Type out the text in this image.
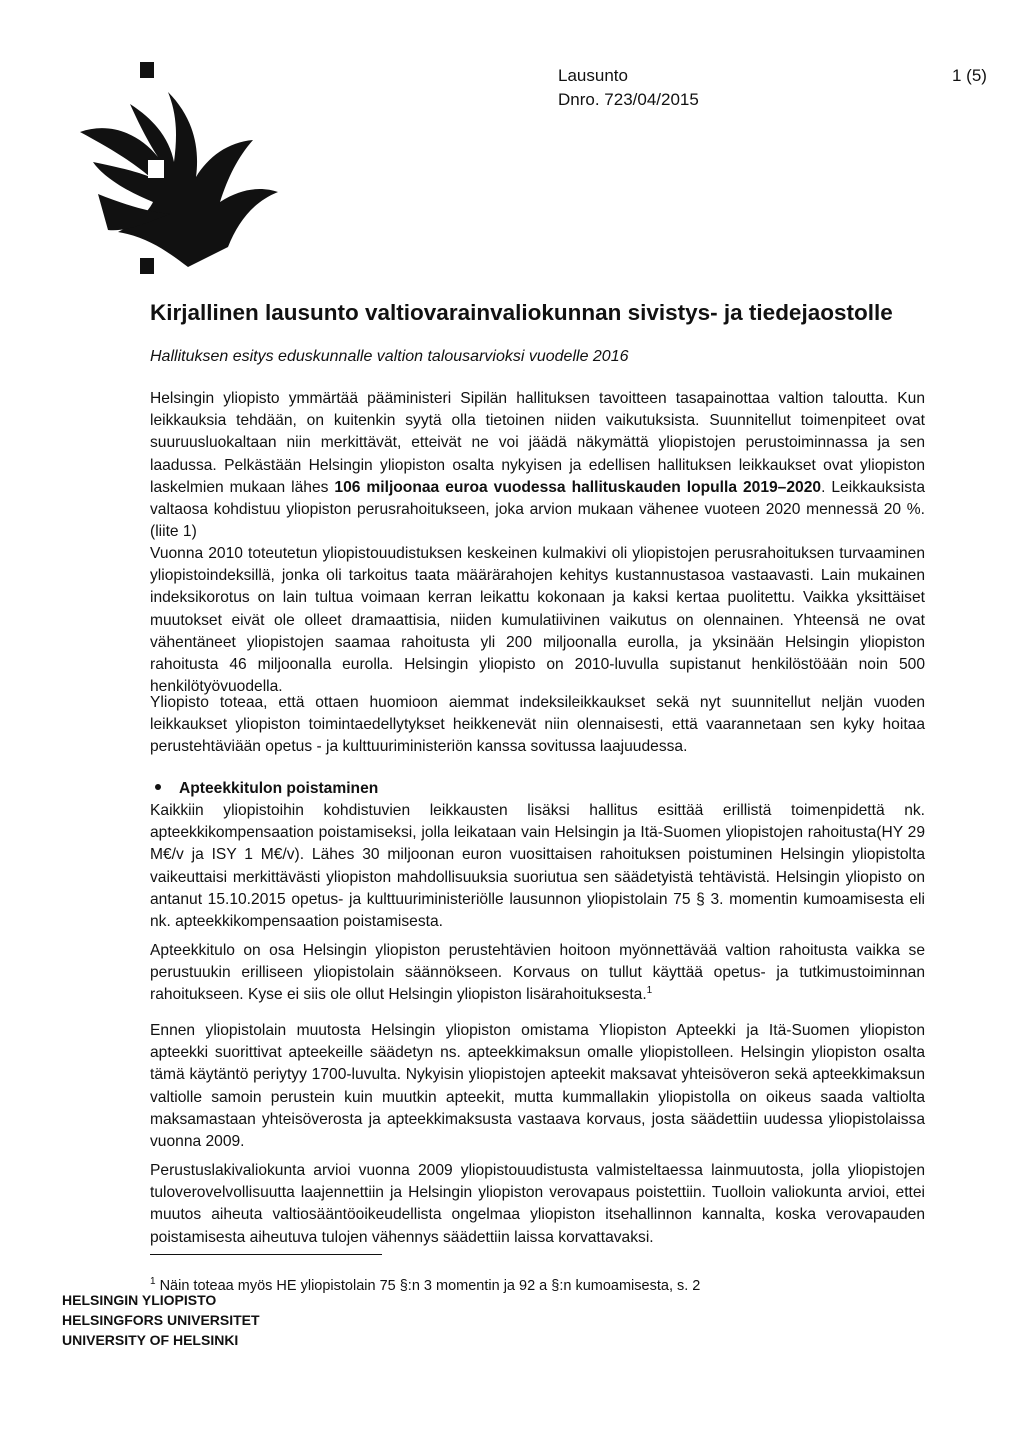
Lausunto	1 (5)
Dnro. 723/04/2015
Kirjallinen lausunto valtiovarainvaliokunnan sivistys- ja tiedejaostolle

Hallituksen esitys eduskunnalle valtion talousarvioksi vuodelle 2016

Helsingin yliopisto ymmärtää pääministeri Sipilän hallituksen tavoitteen tasapainottaa valtion taloutta. Kun leikkauksia tehdään, on kuitenkin syytä olla tietoinen niiden vaikutuksista. Suunnitellut toimenpiteet ovat suuruusluokaltaan niin merkittävät, etteivät ne voi jäädä näkymättä yliopistojen perustoiminnassa ja sen laadussa. Pelkästään Helsingin yliopiston osalta nykyisen ja edellisen hallituksen leikkaukset ovat yliopiston laskelmien mukaan lähes 106 miljoonaa euroa vuodessa hallituskauden lopulla 2019–2020. Leikkauksista valtaosa kohdistuu yliopiston perusrahoitukseen, joka arvion mukaan vähenee vuoteen 2020 mennessä 20 %.(liite 1)

Vuonna 2010 toteutetun yliopistouudistuksen keskeinen kulmakivi oli yliopistojen perusrahoituksen turvaaminen yliopistoindeksillä, jonka oli tarkoitus taata määrärahojen kehitys kustannustasoa vastaavasti. Lain mukainen indeksikorotus on lain tultua voimaan kerran leikattu kokonaan ja kaksi kertaa puolitettu. Vaikka yksittäiset muutokset eivät ole olleet dramaattisia, niiden kumulatiivinen vaikutus on olennainen. Yhteensä ne ovat vähentäneet yliopistojen saamaa rahoitusta yli 200 miljoonalla eurolla, ja yksinään Helsingin yliopiston rahoitusta 46 miljoonalla eurolla. Helsingin yliopisto on 2010-luvulla supistanut henkilöstöään noin 500 henkilötyövuodella.

Yliopisto toteaa, että ottaen huomioon aiemmat indeksileikkaukset sekä nyt suunnitellut neljän vuoden leikkaukset yliopiston toimintaedellytykset heikkenevät niin olennaisesti, että vaarannetaan sen kyky hoitaa perustehtäviään opetus - ja kulttuuriministeriön kanssa sovitussa laajuudessa.

Apteekkitulon poistaminen

Kaikkiin yliopistoihin kohdistuvien leikkausten lisäksi hallitus esittää erillistä toimenpidettä nk. apteekkikompensaation poistamiseksi, jolla leikataan vain Helsingin ja Itä-Suomen yliopistojen rahoitusta(HY 29 M€/v ja ISY 1 M€/v). Lähes 30 miljoonan euron vuosittaisen rahoituksen poistuminen Helsingin yliopistolta vaikeuttaisi merkittävästi yliopiston mahdollisuuksia suoriutua sen säädetyistä tehtävistä. Helsingin yliopisto on antanut 15.10.2015 opetus- ja kulttuuriministeriölle lausunnon yliopistolain 75 § 3. momentin kumoamisesta eli nk. apteekkikompensaation poistamisesta.

Apteekkitulo on osa Helsingin yliopiston perustehtävien hoitoon myönnettävää valtion rahoitusta vaikka se perustuukin erilliseen yliopistolain säännökseen. Korvaus on tullut käyttää opetus- ja tutkimustoiminnan rahoitukseen. Kyse ei siis ole ollut Helsingin yliopiston lisärahoituksesta.$^1$

Ennen yliopistolain muutosta Helsingin yliopiston omistama Yliopiston Apteekki ja Itä-Suomen yliopiston apteekki suorittivat apteekeille säädetyn ns. apteekkimaksun omalle yliopistolleen. Helsingin yliopiston osalta tämä käytäntö periytyy 1700-luvulta. Nykyisin yliopistojen apteekit maksavat yhteisöveron sekä apteekkimaksun valtiolle samoin perustein kuin muutkin apteekit, mutta kummallakin yliopistolla on oikeus saada valtiolta maksamastaan yhteisöverosta ja apteekkimaksusta vastaava korvaus, josta säädettiin uudessa yliopistolaissa vuonna 2009.

Perustuslakivaliokunta arvioi vuonna 2009 yliopistouudistusta valmisteltaessa lainmuutosta, jolla yliopistojen tuloverovelvollisuutta laajennettiin ja Helsingin yliopiston verovapaus poistettiin. Tuolloin valiokunta arvioi, ettei muutos aiheuta valtiosääntöoikeudellista ongelmaa yliopiston itsehallinnon kannalta, koska verovapauden poistamisesta aiheutuva tulojen vähennys säädettiin laissa korvattavaksi.

$^1$ Näin toteaa myös HE yliopistolain 75 §:n 3 momentin ja 92 a §:n kumoamisesta, s. 2
HELSINGIN YLIOPISTO
HELSINGFORS UNIVERSITET
UNIVERSITY OF HELSINKI
